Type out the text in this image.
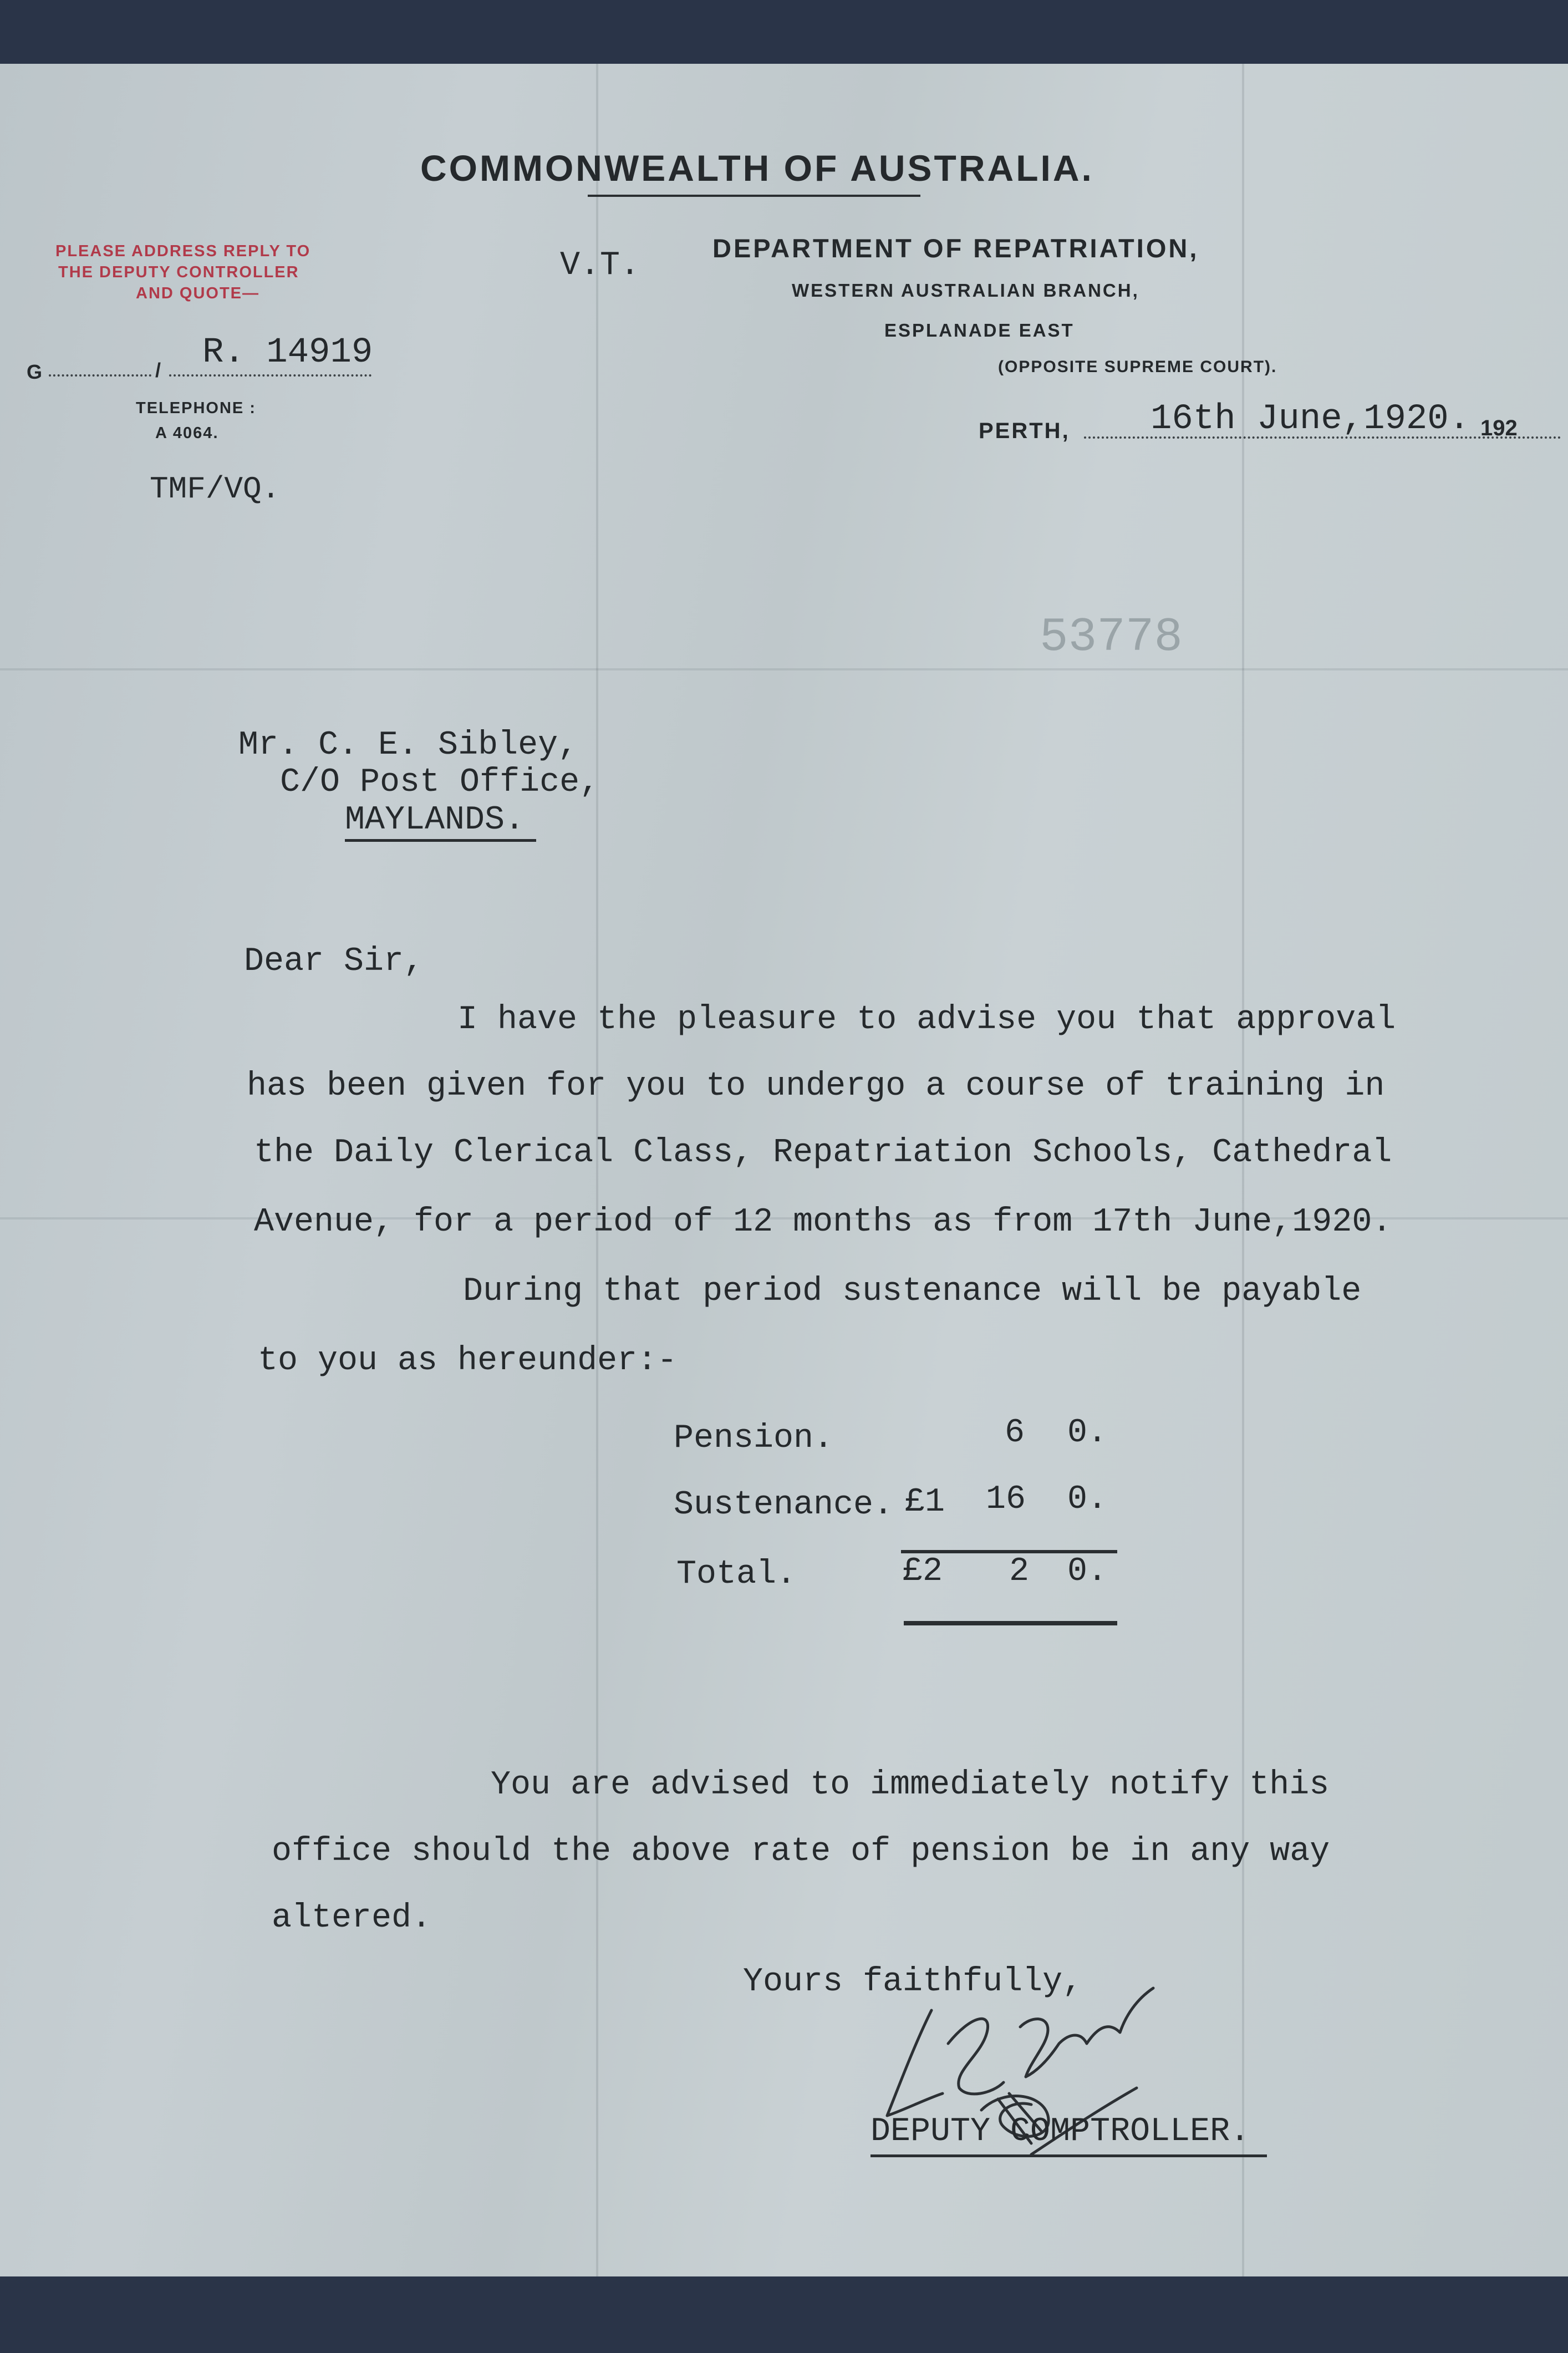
COMMONWEALTH OF AUSTRALIA.
PLEASE ADDRESS REPLY TO
THE DEPUTY CONTROLLER
AND QUOTE—
G	/ R. 14919
TELEPHONE :
A 4064.
TMF/VQ.
V.T.	DEPARTMENT OF REPATRIATION,
WESTERN AUSTRALIAN BRANCH,
ESPLANADE EAST
(OPPOSITE SUPREME COURT).
PERTH, 16th June,1920. 192
53778
Mr. C. E. Sibley,
C/O Post Office,
MAYLANDS.
Dear Sir,
I have the pleasure to advise you that approval
has been given for you to undergo a course of training in
the Daily Clerical Class, Repatriation Schools, Cathedral
Avenue, for a period of 12 months as from 17th June,1920.
During that period sustenance will be payable
to you as hereunder:-
Pension.	6 0.
Sustenance. £1 16 0.
Total.	£2 2 0.
You are advised to immediately notify this
office should the above rate of pension be in any way
altered.
Yours faithfully,
L. E. Tilney
DEPUTY COMPTROLLER.
